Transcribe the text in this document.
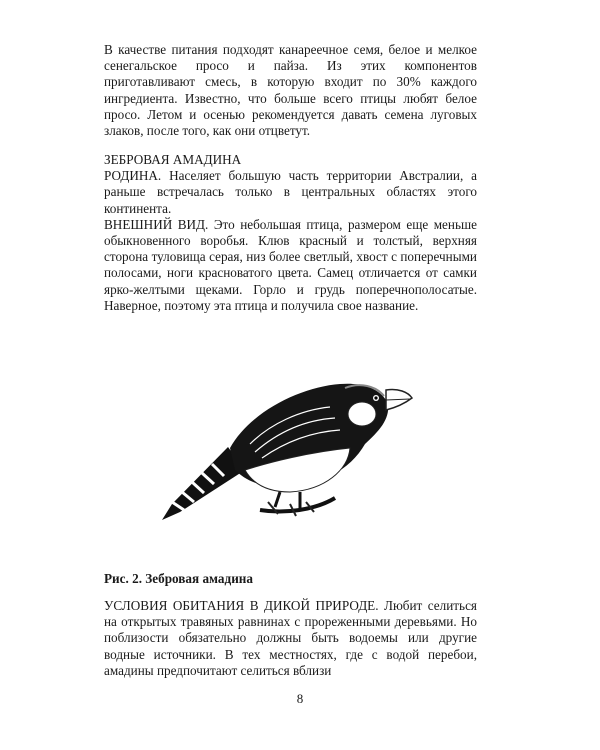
В качестве питания подходят канареечное семя, белое и мелкое сенегальское просо и пайза. Из этих компонентов приготавливают смесь, в которую входит по 30% каждого ингредиента. Известно, что больше всего птицы любят белое просо. Летом и осенью рекомендуется давать семена луговых злаков, после того, как они отцветут.

ЗЕБРОВАЯ АМАДИНА

РОДИНА. Населяет большую часть территории Австралии, а раньше встречалась только в центральных областях этого континента.

ВНЕШНИЙ ВИД. Это небольшая птица, размером еще меньше обыкновенного воробья. Клюв красный и толстый, верхняя сторона туловища серая, низ более светлый, хвост с поперечными полосами, ноги красноватого цвета. Самец отличается от самки ярко-желтыми щеками. Горло и грудь поперечнополосатые. Наверное, поэтому эта птица и получила свое название.

Рис. 2. Зебровая амадина

УСЛОВИЯ ОБИТАНИЯ В ДИКОЙ ПРИРОДЕ. Любит селиться на открытых травяных равнинах с прореженными деревьями. Но поблизости обязательно должны быть водоемы или другие водные источники. В тех местностях, где с водой перебои, амадины предпочитают селиться вблизи

8
